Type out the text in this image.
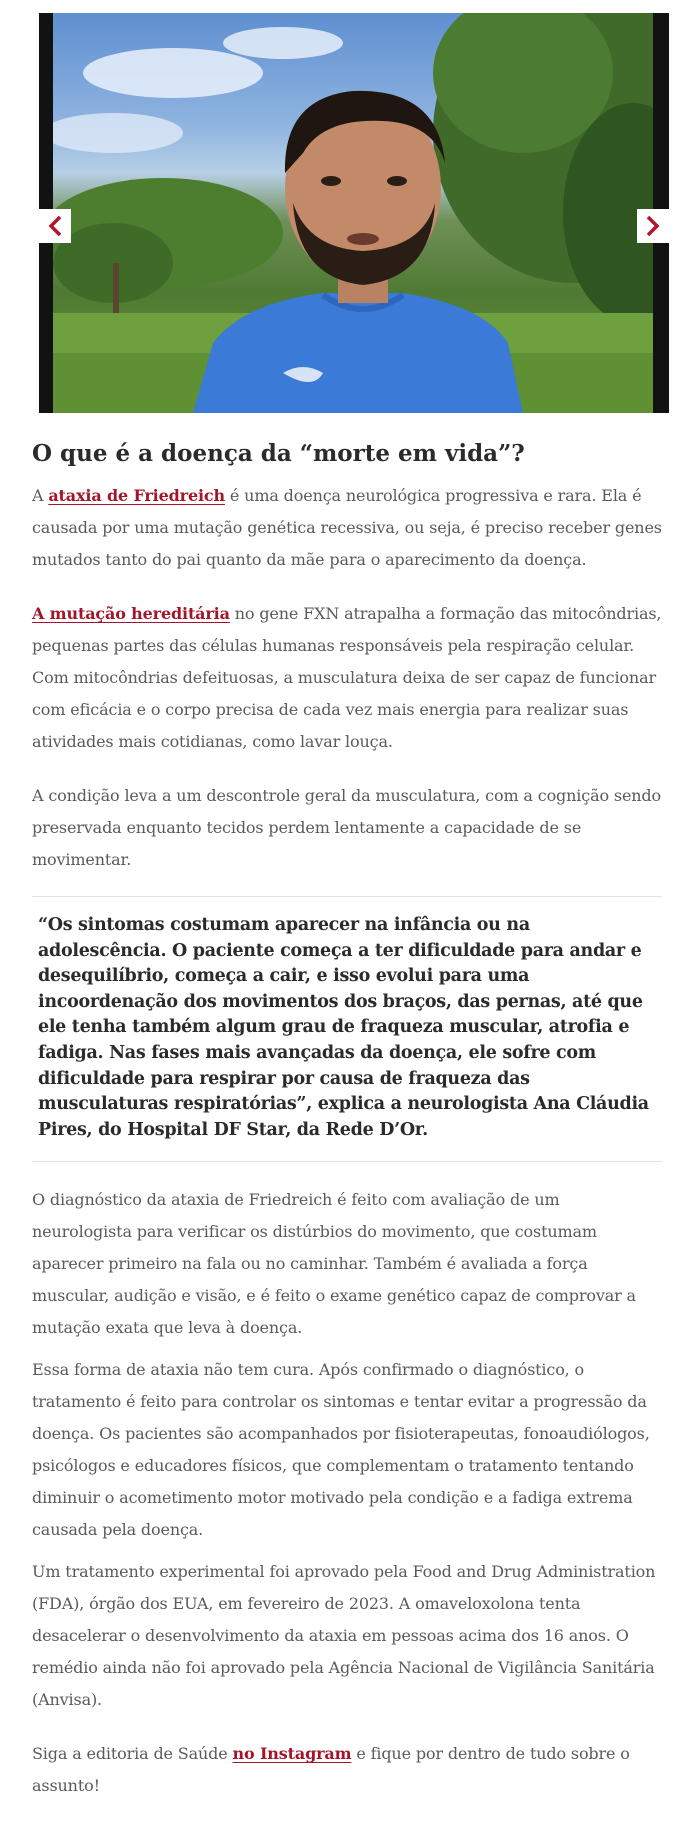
O que é a doença da “morte em vida”?

A ataxia de Friedreich é uma doença neurológica progressiva e rara. Ela é causada por uma mutação genética recessiva, ou seja, é preciso receber genes mutados tanto do pai quanto da mãe para o aparecimento da doença.

A mutação hereditária no gene FXN atrapalha a formação das mitocôndrias, pequenas partes das células humanas responsáveis pela respiração celular. Com mitocôndrias defeituosas, a musculatura deixa de ser capaz de funcionar com eficácia e o corpo precisa de cada vez mais energia para realizar suas atividades mais cotidianas, como lavar louça.

A condição leva a um descontrole geral da musculatura, com a cognição sendo preservada enquanto tecidos perdem lentamente a capacidade de se movimentar.

“Os sintomas costumam aparecer na infância ou na adolescência. O paciente começa a ter dificuldade para andar e desequilíbrio, começa a cair, e isso evolui para uma incoordenação dos movimentos dos braços, das pernas, até que ele tenha também algum grau de fraqueza muscular, atrofia e fadiga. Nas fases mais avançadas da doença, ele sofre com dificuldade para respirar por causa de fraqueza das musculaturas respiratórias”, explica a neurologista Ana Cláudia Pires, do Hospital DF Star, da Rede D’Or.

O diagnóstico da ataxia de Friedreich é feito com avaliação de um neurologista para verificar os distúrbios do movimento, que costumam aparecer primeiro na fala ou no caminhar. Também é avaliada a força muscular, audição e visão, e é feito o exame genético capaz de comprovar a mutação exata que leva à doença.

Essa forma de ataxia não tem cura. Após confirmado o diagnóstico, o tratamento é feito para controlar os sintomas e tentar evitar a progressão da doença. Os pacientes são acompanhados por fisioterapeutas, fonoaudiólogos, psicólogos e educadores físicos, que complementam o tratamento tentando diminuir o acometimento motor motivado pela condição e a fadiga extrema causada pela doença.

Um tratamento experimental foi aprovado pela Food and Drug Administration (FDA), órgão dos EUA, em fevereiro de 2023. A omaveloxolona tenta desacelerar o desenvolvimento da ataxia em pessoas acima dos 16 anos. O remédio ainda não foi aprovado pela Agência Nacional de Vigilância Sanitária (Anvisa).

Siga a editoria de Saúde no Instagram e fique por dentro de tudo sobre o assunto!
